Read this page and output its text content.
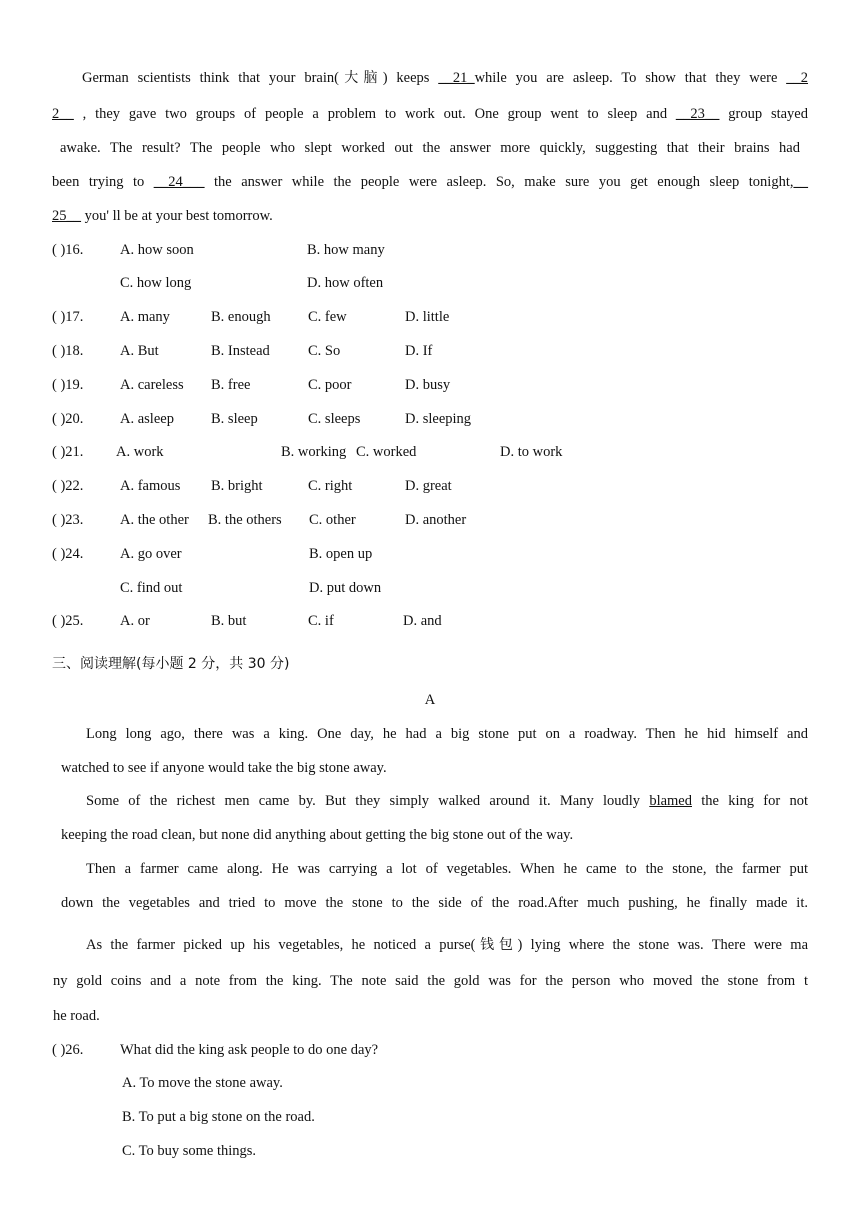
German scientists think that your brain(大脑) keeps __21_while you are asleep. To show that they were __2
2__ , they gave two groups of people a problem to work out. One group went to sleep and __23__ group stayed
awake. The result? The people who slept worked out the answer more quickly, suggesting that their brains had
been trying to __24___ the answer while the people were asleep. So, make sure you get enough sleep tonight,__
25__ you' ll be at your best tomorrow.
( )16.	A. how soon	B. how many
C. how long	D. how often
( )17.	A. many	B. enough	C. few	D. little
( )18.	A. But	B. Instead	C. So	D. If
( )19.	A. careless B. free	C. poor	D. busy
( )20.	A. asleep	B. sleep	C. sleeps	D. sleeping
( )21. A. work	B. working C. worked	D. to work
( )22.	A. famous B. bright	C. right	D. great
( )23.	A. the other B. the others C. other	D. another
( )24.	A. go over	B. open up
C. find out	D. put down
( )25.	A. or	B. but	C. if	D. and
三、阅读理解(每小题 2 分，共 30 分)
A
Long long ago, there was a king. One day, he had a big stone put on a roadway. Then he hid himself and
watched to see if anyone would take the big stone away.
Some of the richest men came by. But they simply walked around it. Many loudly blamed the king for not
keeping the road clean, but none did anything about getting the big stone out of the way.
Then a farmer came along. He was carrying a lot of vegetables. When he came to the stone, the farmer put
down the vegetables and tried to move the stone to the side of the road.After much pushing, he finally made it.
As the farmer picked up his vegetables, he noticed a purse(钱包) lying where the stone was. There were ma
ny gold coins and a note from the king. The note said the gold was for the person who moved the stone from t
he road.
( )26.	What did the king ask people to do one day?
A. To move the stone away.
B. To put a big stone on the road.
C. To buy some things.
